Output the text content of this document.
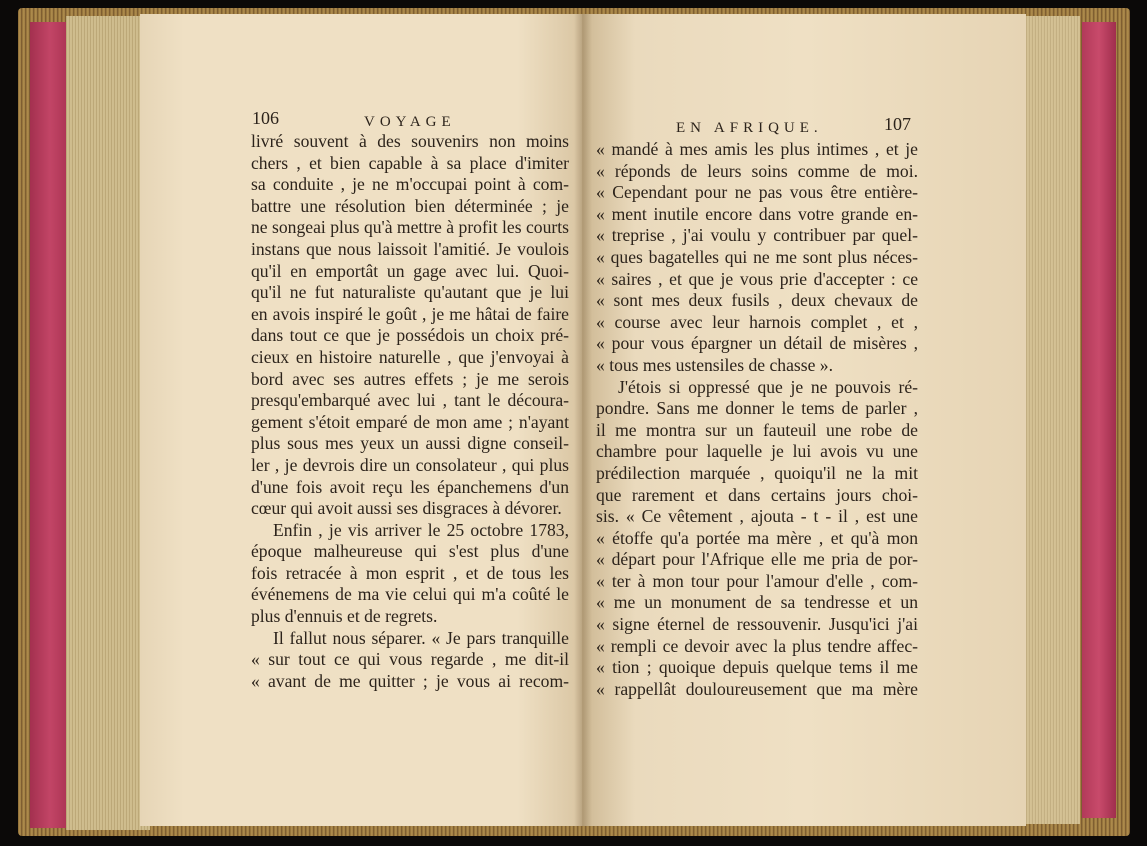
106	VOYAGE	EN AFRIQUE.	107
livré souvent à des souvenirs non moins
chers , et bien capable à sa place d'imiter
sa conduite , je ne m'occupai point à com-
battre une résolution bien déterminée ; je
ne songeai plus qu'à mettre à profit les courts
instans que nous laissoit l'amitié. Je voulois
qu'il en emportât un gage avec lui. Quoi-
qu'il ne fut naturaliste qu'autant que je lui
en avois inspiré le goût , je me hâtai de faire
dans tout ce que je possédois un choix pré-
cieux en histoire naturelle , que j'envoyai à
bord avec ses autres effets ; je me serois
presqu'embarqué avec lui , tant le découra-
gement s'étoit emparé de mon ame ; n'ayant
plus sous mes yeux un aussi digne conseil-
ler , je devrois dire un consolateur , qui plus
d'une fois avoit reçu les épanchemens d'un
cœur qui avoit aussi ses disgraces à dévorer.
Enfin , je vis arriver le 25 octobre 1783,
époque malheureuse qui s'est plus d'une
fois retracée à mon esprit , et de tous les
événemens de ma vie celui qui m'a coûté le
plus d'ennuis et de regrets.
Il fallut nous séparer. « Je pars tranquille
« sur tout ce qui vous regarde , me dit-il
« avant de me quitter ; je vous ai recom-
« mandé à mes amis les plus intimes , et je
« réponds de leurs soins comme de moi.
« Cependant pour ne pas vous être entière-
« ment inutile encore dans votre grande en-
« treprise , j'ai voulu y contribuer par quel-
« ques bagatelles qui ne me sont plus néces-
« saires , et que je vous prie d'accepter : ce
« sont mes deux fusils , deux chevaux de
« course avec leur harnois complet , et ,
« pour vous épargner un détail de misères ,
« tous mes ustensiles de chasse ».
J'étois si oppressé que je ne pouvois ré-
pondre. Sans me donner le tems de parler ,
il me montra sur un fauteuil une robe de
chambre pour laquelle je lui avois vu une
prédilection marquée , quoiqu'il ne la mit
que rarement et dans certains jours choi-
sis. « Ce vêtement , ajouta - t - il , est une
« étoffe qu'a portée ma mère , et qu'à mon
« départ pour l'Afrique elle me pria de por-
« ter à mon tour pour l'amour d'elle , com-
« me un monument de sa tendresse et un
« signe éternel de ressouvenir. Jusqu'ici j'ai
« rempli ce devoir avec la plus tendre affec-
« tion ; quoique depuis quelque tems il me
« rappellât douloureusement que ma mère
